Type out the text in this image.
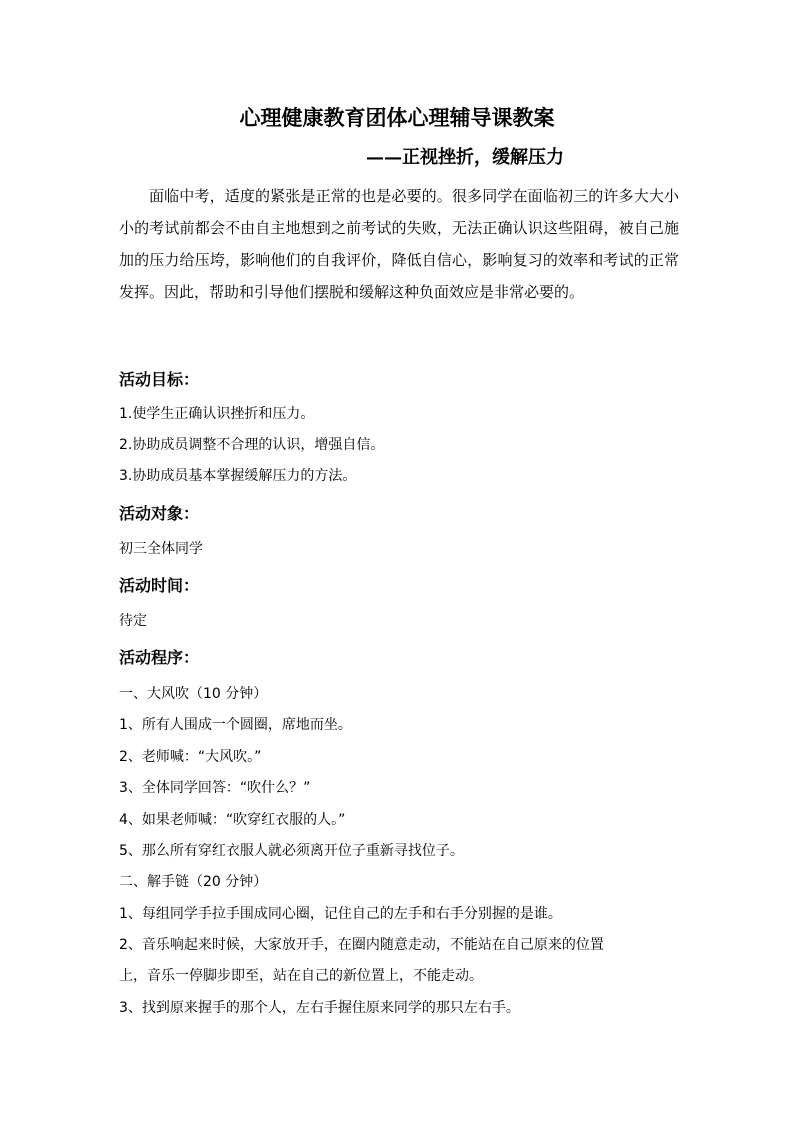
心理健康教育团体心理辅导课教案
——正视挫折，缓解压力

面临中考，适度的紧张是正常的也是必要的。很多同学在面临初三的许多大大小小的考试前都会不由自主地想到之前考试的失败，无法正确认识这些阻碍，被自己施加的压力给压垮，影响他们的自我评价，降低自信心，影响复习的效率和考试的正常发挥。因此，帮助和引导他们摆脱和缓解这种负面效应是非常必要的。

活动目标：
1.使学生正确认识挫折和压力。
2.协助成员调整不合理的认识，增强自信。
3.协助成员基本掌握缓解压力的方法。
活动对象：
初三全体同学
活动时间：
待定
活动程序：
一、大风吹（10 分钟）
1、所有人围成一个圆圈，席地而坐。
2、老师喊：“大风吹。”
3、全体同学回答：“吹什么？”
4、如果老师喊：“吹穿红衣服的人。”
5、那么所有穿红衣服人就必须离开位子重新寻找位子。
二、解手链（20 分钟）
1、每组同学手拉手围成同心圈，记住自己的左手和右手分别握的是谁。
2、音乐响起来时候，大家放开手，在圈内随意走动，不能站在自己原来的位置
上，音乐一停脚步即至，站在自己的新位置上，不能走动。
3、找到原来握手的那个人，左右手握住原来同学的那只左右手。
